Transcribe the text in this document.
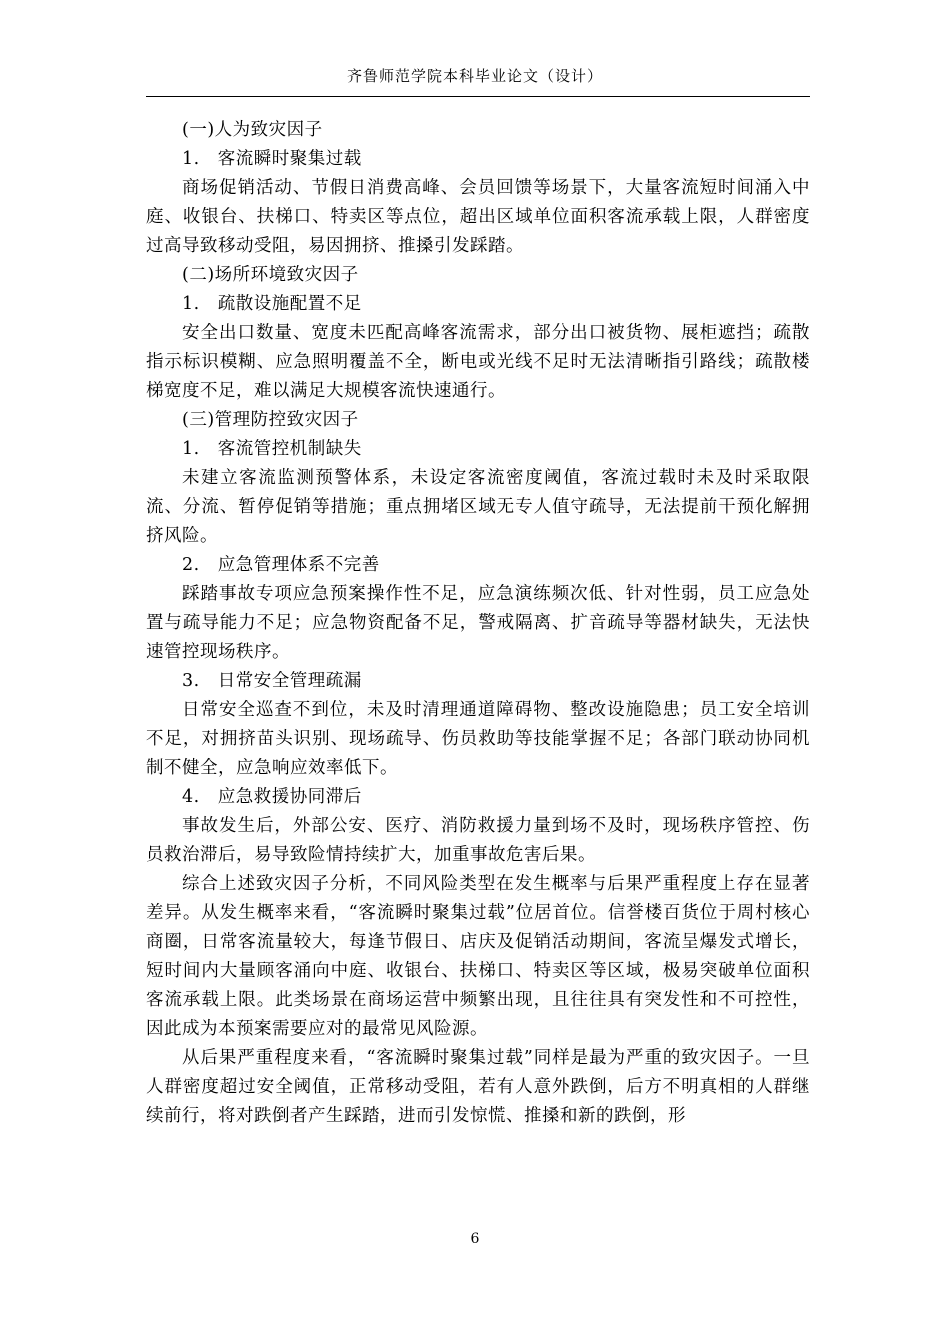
齐鲁师范学院本科毕业论文（设计）

(一)人为致灾因子

1.　客流瞬时聚集过载

商场促销活动、节假日消费高峰、会员回馈等场景下，大量客流短时间涌入中庭、收银台、扶梯口、特卖区等点位，超出区域单位面积客流承载上限，人群密度过高导致移动受阻，易因拥挤、推搡引发踩踏。

(二)场所环境致灾因子

1.　疏散设施配置不足

安全出口数量、宽度未匹配高峰客流需求，部分出口被货物、展柜遮挡；疏散指示标识模糊、应急照明覆盖不全，断电或光线不足时无法清晰指引路线；疏散楼梯宽度不足，难以满足大规模客流快速通行。

(三)管理防控致灾因子

1.　客流管控机制缺失

未建立客流监测预警体系，未设定客流密度阈值，客流过载时未及时采取限流、分流、暂停促销等措施；重点拥堵区域无专人值守疏导，无法提前干预化解拥挤风险。

2.　应急管理体系不完善

踩踏事故专项应急预案操作性不足，应急演练频次低、针对性弱，员工应急处置与疏导能力不足；应急物资配备不足，警戒隔离、扩音疏导等器材缺失，无法快速管控现场秩序。

3.　日常安全管理疏漏

日常安全巡查不到位，未及时清理通道障碍物、整改设施隐患；员工安全培训不足，对拥挤苗头识别、现场疏导、伤员救助等技能掌握不足；各部门联动协同机制不健全，应急响应效率低下。

4.　应急救援协同滞后

事故发生后，外部公安、医疗、消防救援力量到场不及时，现场秩序管控、伤员救治滞后，易导致险情持续扩大，加重事故危害后果。

综合上述致灾因子分析，不同风险类型在发生概率与后果严重程度上存在显著差异。从发生概率来看，“客流瞬时聚集过载”位居首位。信誉楼百货位于周村核心商圈，日常客流量较大，每逢节假日、店庆及促销活动期间，客流呈爆发式增长，短时间内大量顾客涌向中庭、收银台、扶梯口、特卖区等区域，极易突破单位面积客流承载上限。此类场景在商场运营中频繁出现，且往往具有突发性和不可控性，因此成为本预案需要应对的最常见风险源。

从后果严重程度来看，“客流瞬时聚集过载”同样是最为严重的致灾因子。一旦人群密度超过安全阈值，正常移动受阻，若有人意外跌倒，后方不明真相的人群继续前行，将对跌倒者产生踩踏，进而引发惊慌、推搡和新的跌倒，形

6
